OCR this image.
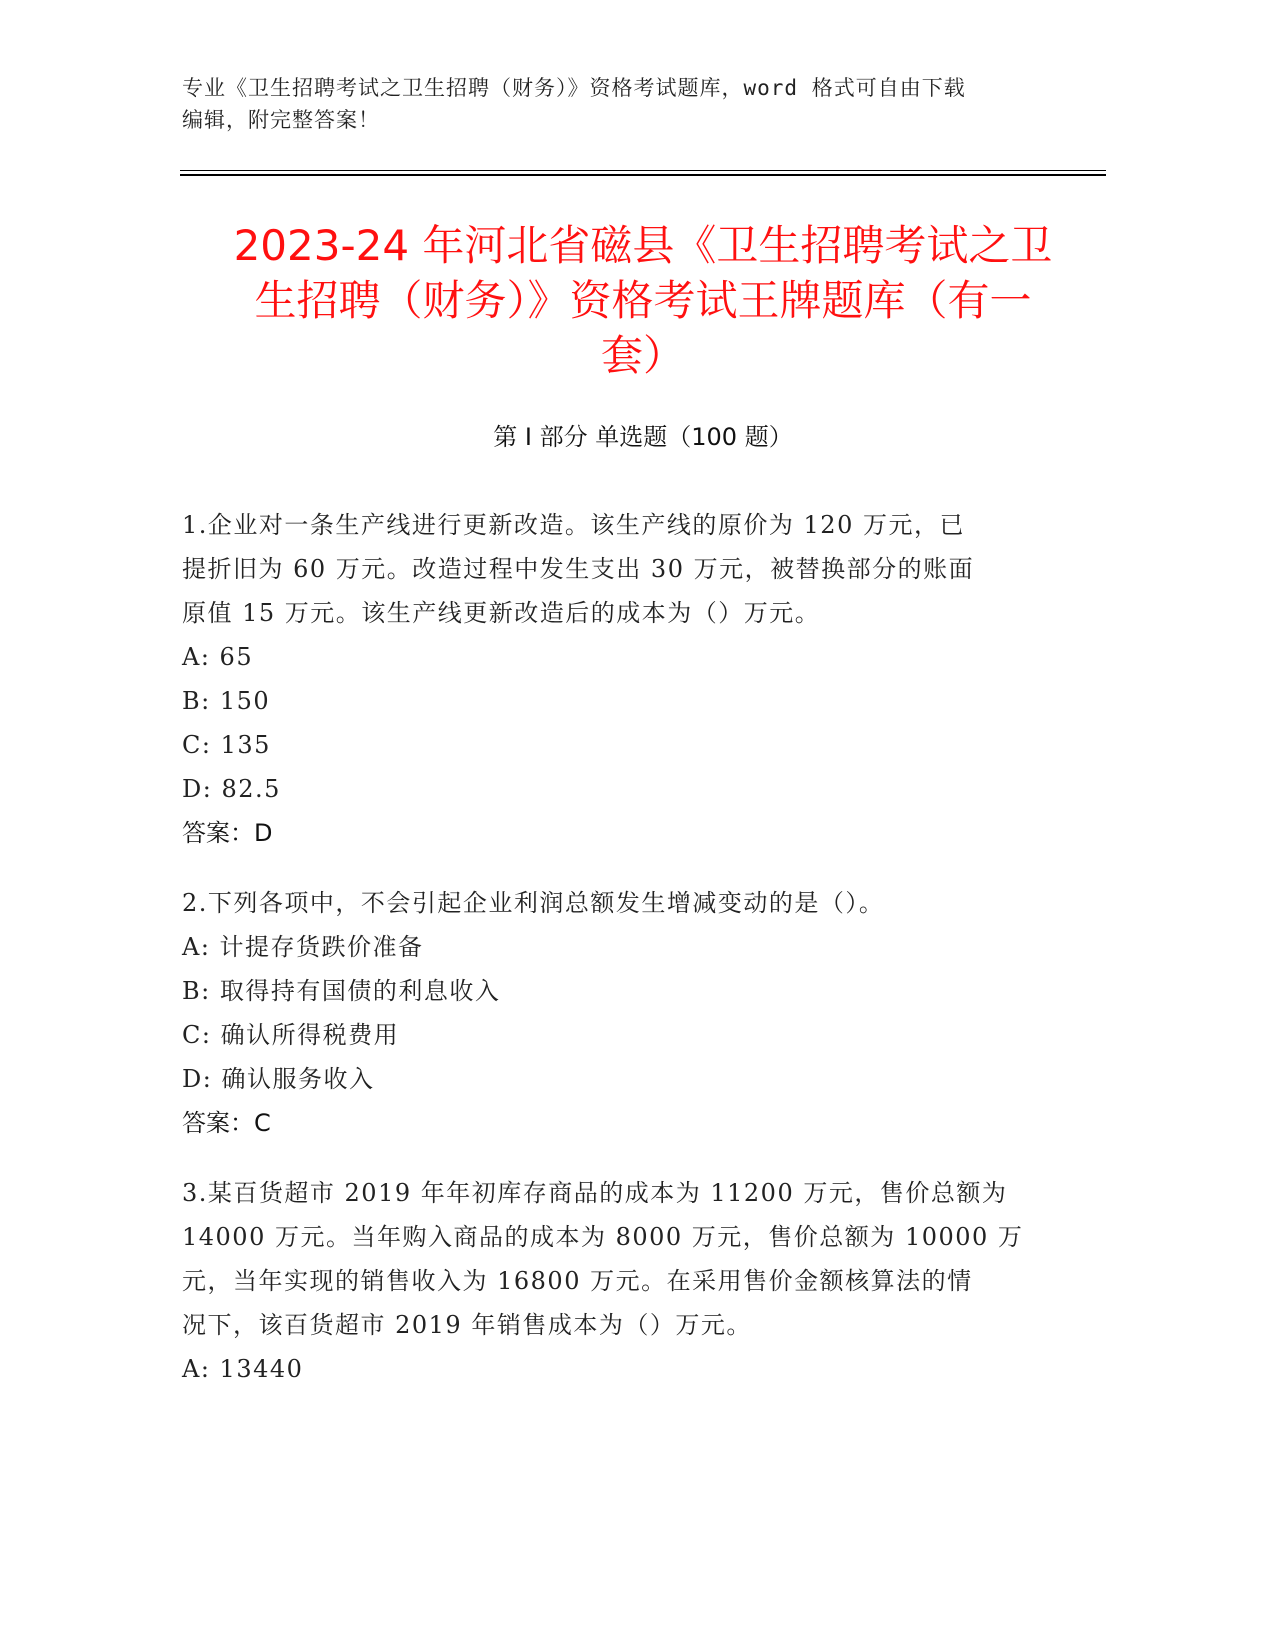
专业《卫生招聘考试之卫生招聘（财务）》资格考试题库，word 格式可自由下载
编辑，附完整答案！
2023-24 年河北省磁县《卫生招聘考试之卫
生招聘（财务）》资格考试王牌题库（有一
套）
第 I 部分 单选题（100 题）

1.企业对一条生产线进行更新改造。该生产线的原价为 120 万元，已

提折旧为 60 万元。改造过程中发生支出 30 万元，被替换部分的账面

原值 15 万元。该生产线更新改造后的成本为（）万元。

A: 65

B: 150

C: 135

D: 82.5

答案：D

2.下列各项中，不会引起企业利润总额发生增减变动的是（）。

A: 计提存货跌价准备

B: 取得持有国债的利息收入

C: 确认所得税费用

D: 确认服务收入

答案：C

3.某百货超市 2019 年年初库存商品的成本为 11200 万元，售价总额为

14000 万元。当年购入商品的成本为 8000 万元，售价总额为 10000 万

元，当年实现的销售收入为 16800 万元。在采用售价金额核算法的情

况下，该百货超市 2019 年销售成本为（）万元。

A: 13440
